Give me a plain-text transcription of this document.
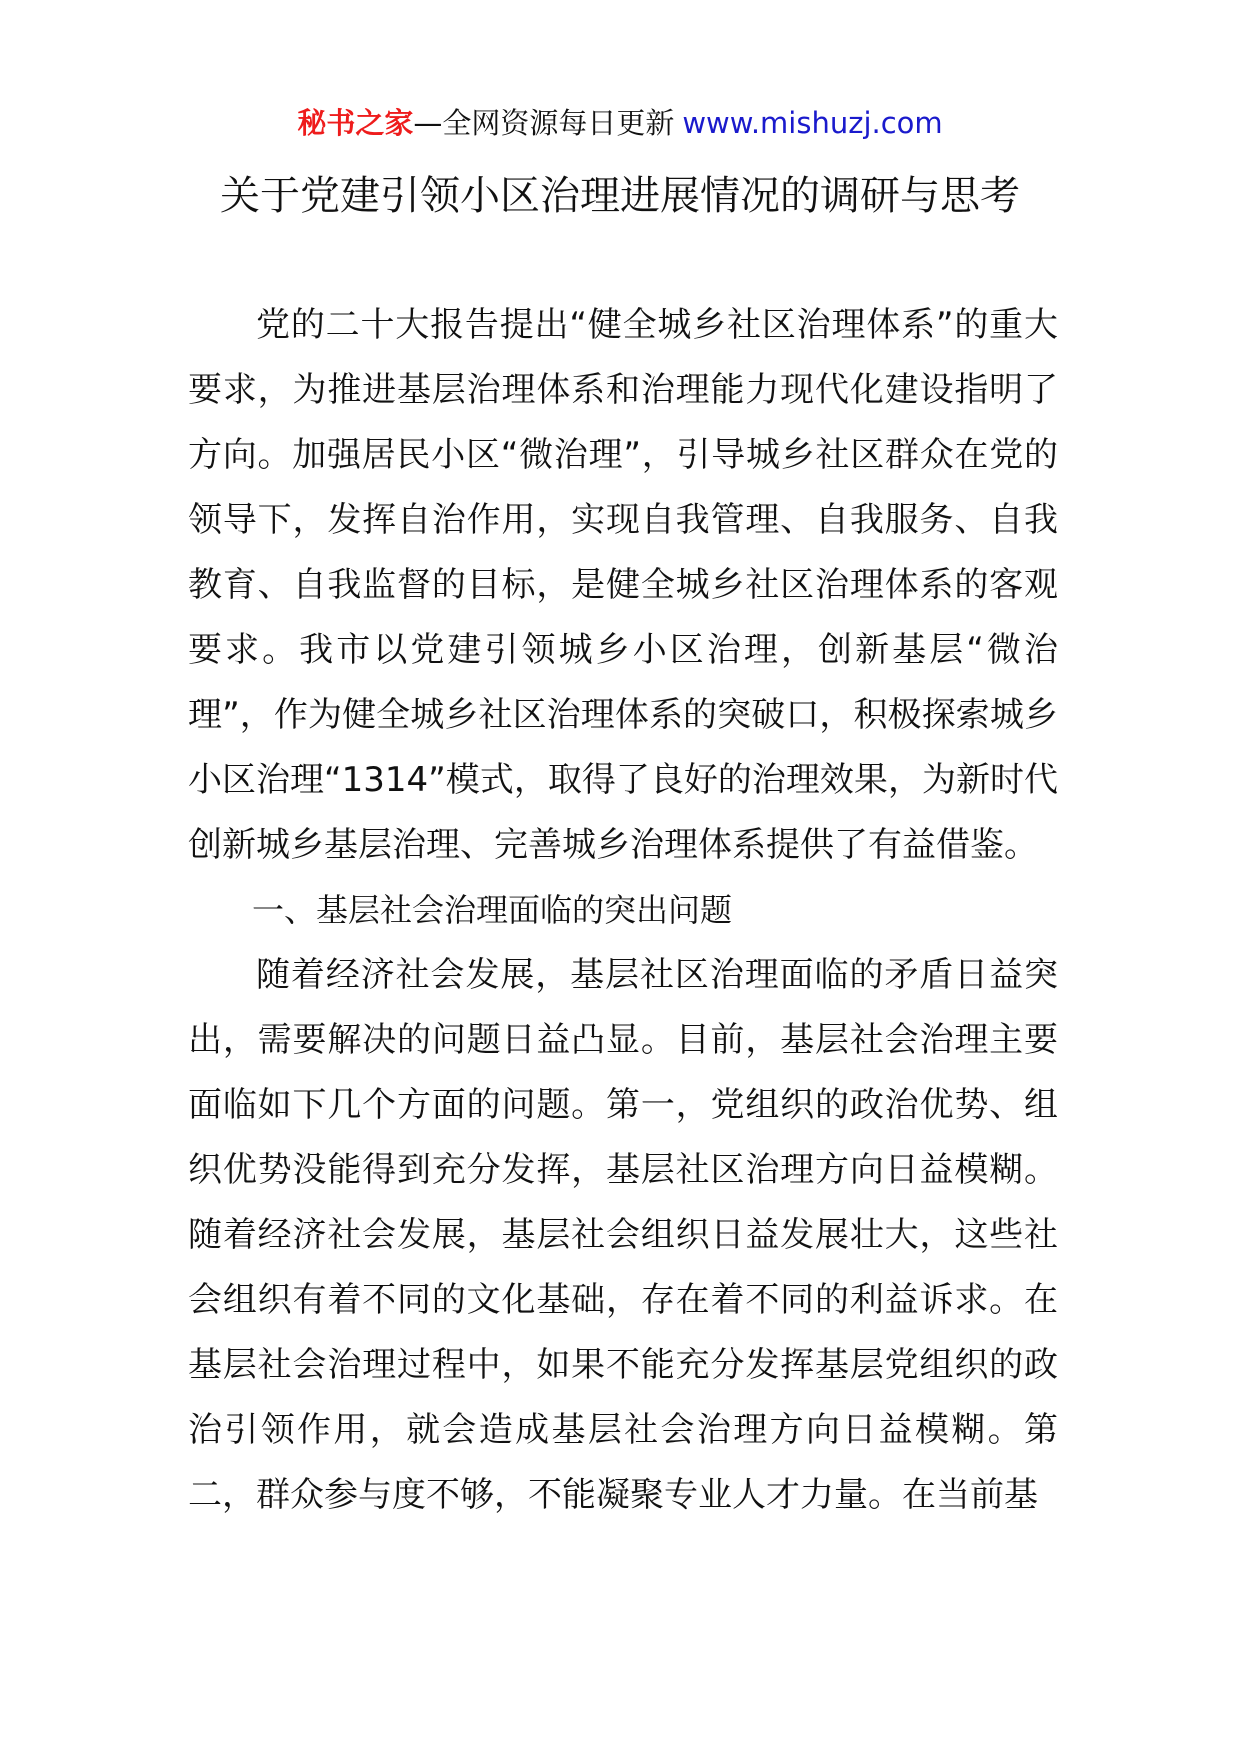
秘书之家—全网资源每日更新 www.mishuzj.com
关于党建引领小区治理进展情况的调研与思考

党的二十大报告提出“健全城乡社区治理体系”的重大要求，为推进基层治理体系和治理能力现代化建设指明了方向。加强居民小区“微治理”，引导城乡社区群众在党的领导下，发挥自治作用，实现自我管理、自我服务、自我教育、自我监督的目标，是健全城乡社区治理体系的客观要求。我市以党建引领城乡小区治理，创新基层“微治理”，作为健全城乡社区治理体系的突破口，积极探索城乡小区治理“1314”模式，取得了良好的治理效果，为新时代创新城乡基层治理、完善城乡治理体系提供了有益借鉴。

一、基层社会治理面临的突出问题

随着经济社会发展，基层社区治理面临的矛盾日益突出，需要解决的问题日益凸显。目前，基层社会治理主要面临如下几个方面的问题。第一，党组织的政治优势、组织优势没能得到充分发挥，基层社区治理方向日益模糊。随着经济社会发展，基层社会组织日益发展壮大，这些社会组织有着不同的文化基础，存在着不同的利益诉求。在基层社会治理过程中，如果不能充分发挥基层党组织的政治引领作用，就会造成基层社会治理方向日益模糊。第二，群众参与度不够，不能凝聚专业人才力量。在当前基
